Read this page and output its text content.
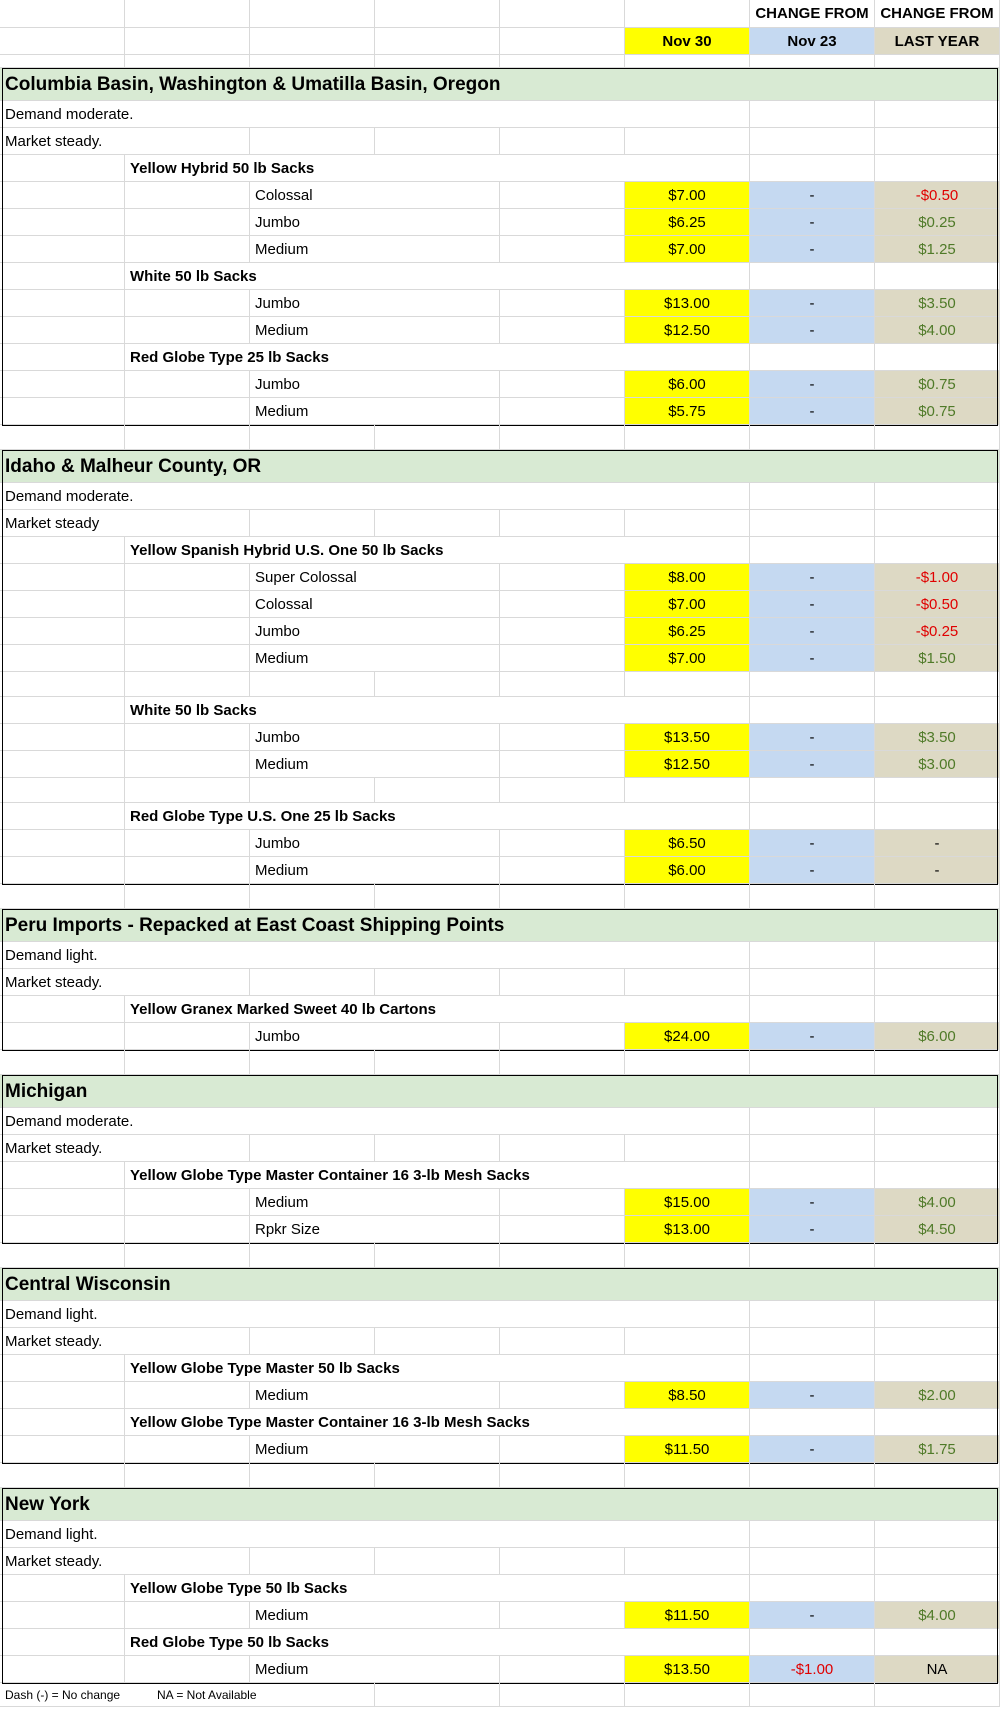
CHANGE FROM CHANGE FROM
Nov 30	Nov 23	LAST YEAR
Columbia Basin, Washington & Umatilla Basin, Oregon
Demand moderate.
Market steady.
Yellow Hybrid 50 lb Sacks
Colossal	$7.00	-	-$0.50
Jumbo	$6.25	-	$0.25
Medium	$7.00	-	$1.25
White 50 lb Sacks
Jumbo	$13.00	-	$3.50
Medium	$12.50	-	$4.00
Red Globe Type 25 lb Sacks
Jumbo	$6.00	-	$0.75
Medium	$5.75	-	$0.75
Idaho & Malheur County, OR
Demand moderate.
Market steady
Yellow Spanish Hybrid U.S. One 50 lb Sacks
Super Colossal	$8.00	-	-$1.00
Colossal	$7.00	-	-$0.50
Jumbo	$6.25	-	-$0.25
Medium	$7.00	-	$1.50
White 50 lb Sacks
Jumbo	$13.50	-	$3.50
Medium	$12.50	-	$3.00
Red Globe Type U.S. One 25 lb Sacks
Jumbo	$6.50	-	-
Medium	$6.00	-	-
Peru Imports - Repacked at East Coast Shipping Points
Demand light.
Market steady.
Yellow Granex Marked Sweet 40 lb Cartons
Jumbo	$24.00	-	$6.00
Michigan
Demand moderate.
Market steady.
Yellow Globe Type Master Container 16 3-lb Mesh Sacks
Medium	$15.00	-	$4.00
Rpkr Size	$13.00	-	$4.50
Central Wisconsin
Demand light.
Market steady.
Yellow Globe Type Master 50 lb Sacks
Medium	$8.50	-	$2.00
Yellow Globe Type Master Container 16 3-lb Mesh Sacks
Medium	$11.50	-	$1.75
New York
Demand light.
Market steady.
Yellow Globe Type 50 lb Sacks
Medium	$11.50	-	$4.00
Red Globe Type 50 lb Sacks
Medium	$13.50	-$1.00	NA
Dash (-) = No change	NA = Not Available
